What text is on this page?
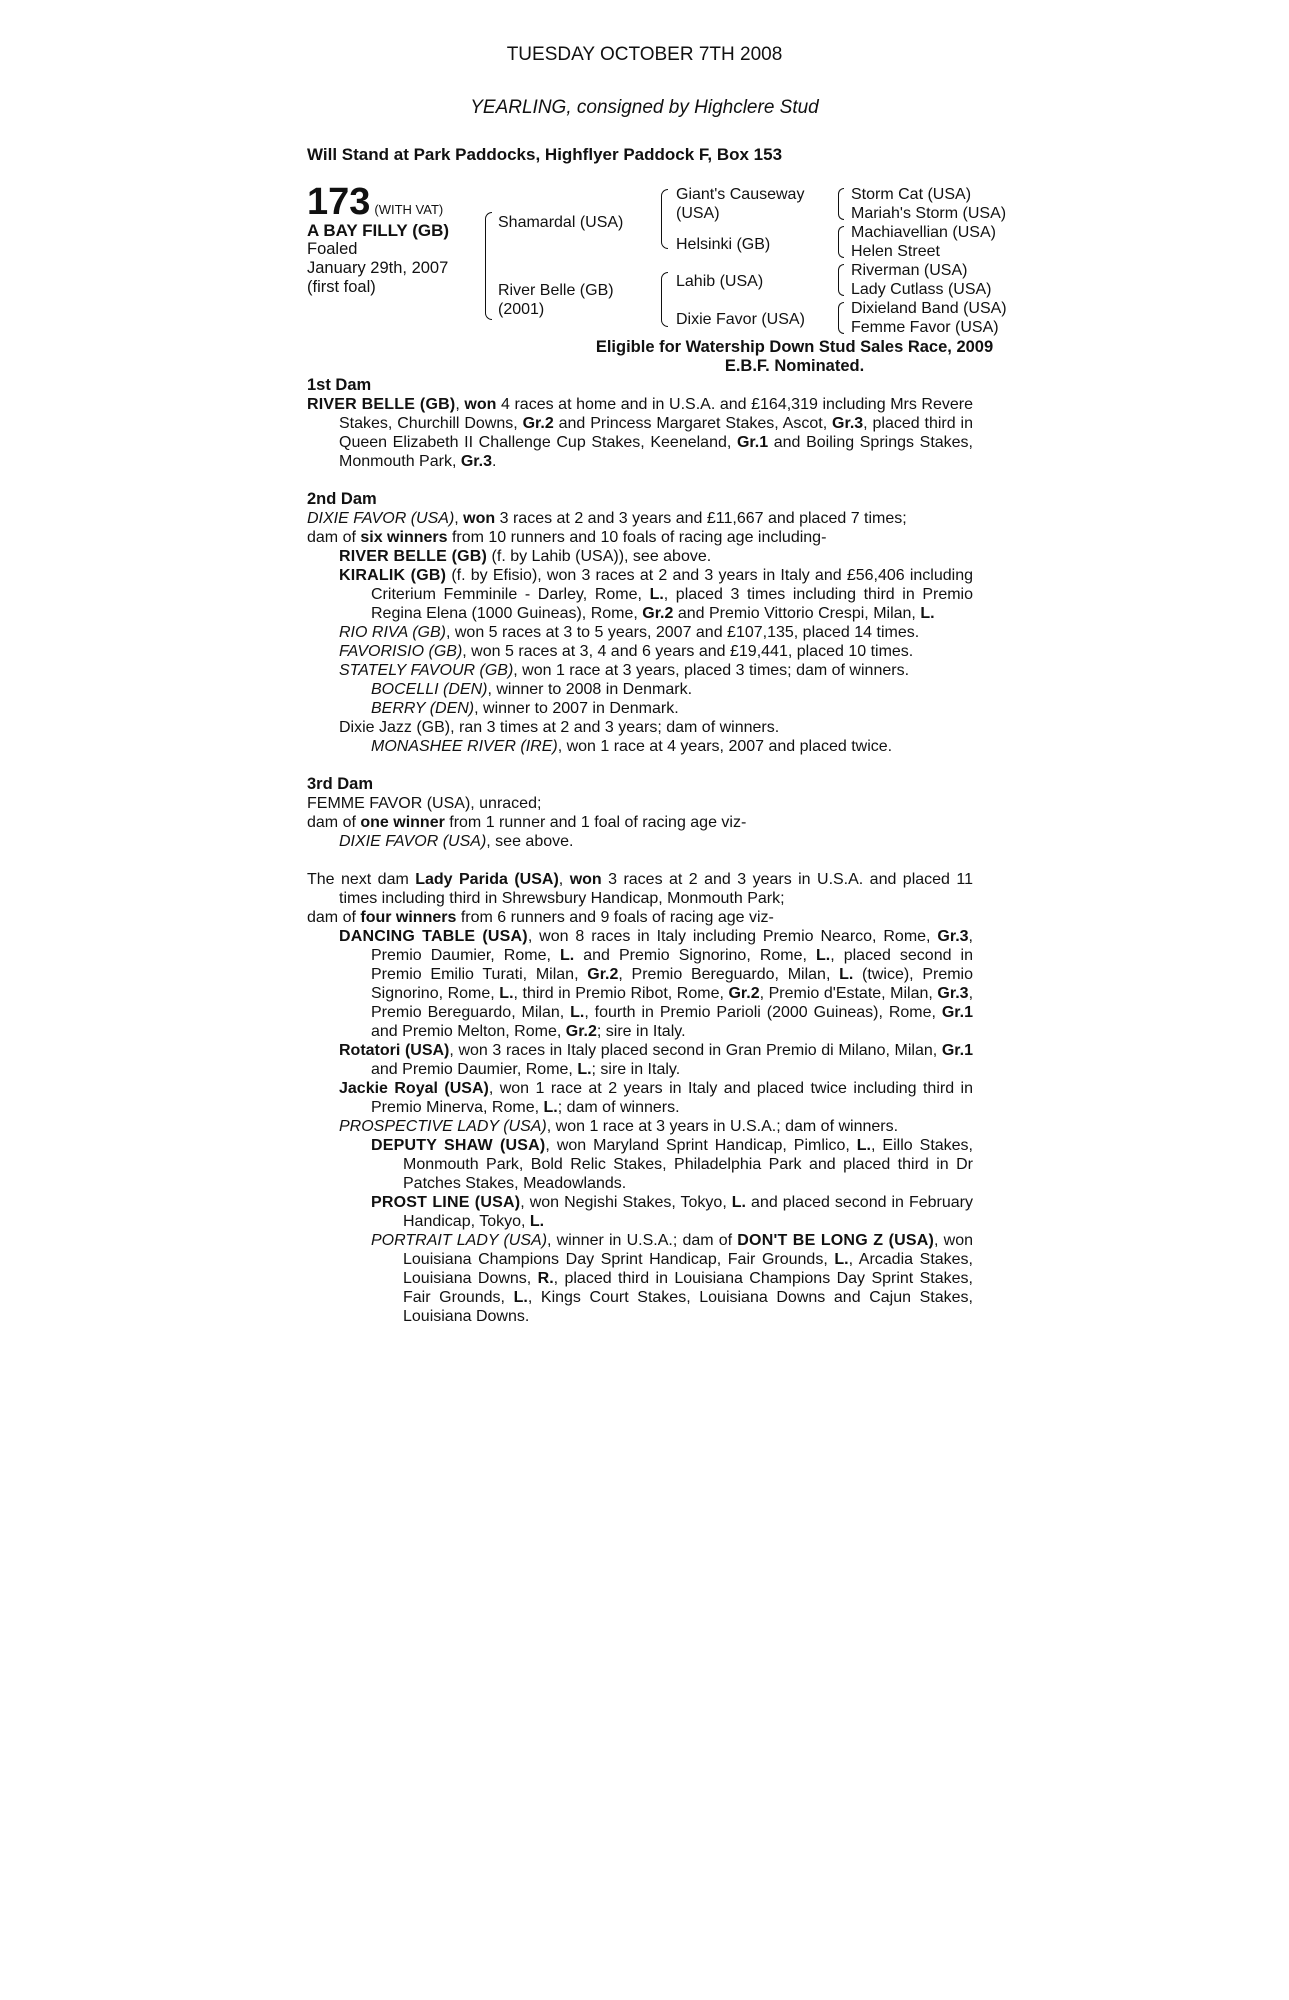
TUESDAY OCTOBER 7TH 2008
YEARLING, consigned by Highclere Stud
Will Stand at Park Paddocks, Highflyer Paddock F, Box 153
173 (WITH VAT)
A BAY FILLY (GB)
Foaled
January 29th, 2007
(first foal)
Shamardal (USA)
River Belle (GB)
(2001)
Giant's Causeway
(USA)
Helsinki (GB)
Lahib (USA)
Dixie Favor (USA)
Storm Cat (USA)
Mariah's Storm (USA)
Machiavellian (USA)
Helen Street
Riverman (USA)
Lady Cutlass (USA)
Dixieland Band (USA)
Femme Favor (USA)
Eligible for Watership Down Stud Sales Race, 2009
E.B.F. Nominated.
1st Dam
RIVER BELLE (GB), won 4 races at home and in U.S.A. and £164,319 including Mrs Revere Stakes, Churchill Downs, Gr.2 and Princess Margaret Stakes, Ascot, Gr.3, placed third in Queen Elizabeth II Challenge Cup Stakes, Keeneland, Gr.1 and Boiling Springs Stakes, Monmouth Park, Gr.3.
2nd Dam
DIXIE FAVOR (USA), won 3 races at 2 and 3 years and £11,667 and placed 7 times;
dam of six winners from 10 runners and 10 foals of racing age including-
RIVER BELLE (GB) (f. by Lahib (USA)), see above.
KIRALIK (GB) (f. by Efisio), won 3 races at 2 and 3 years in Italy and £56,406 including Criterium Femminile - Darley, Rome, L., placed 3 times including third in Premio Regina Elena (1000 Guineas), Rome, Gr.2 and Premio Vittorio Crespi, Milan, L.
RIO RIVA (GB), won 5 races at 3 to 5 years, 2007 and £107,135, placed 14 times.
FAVORISIO (GB), won 5 races at 3, 4 and 6 years and £19,441, placed 10 times.
STATELY FAVOUR (GB), won 1 race at 3 years, placed 3 times; dam of winners.
BOCELLI (DEN), winner to 2008 in Denmark.
BERRY (DEN), winner to 2007 in Denmark.
Dixie Jazz (GB), ran 3 times at 2 and 3 years; dam of winners.
MONASHEE RIVER (IRE), won 1 race at 4 years, 2007 and placed twice.
3rd Dam
FEMME FAVOR (USA), unraced;
dam of one winner from 1 runner and 1 foal of racing age viz-
DIXIE FAVOR (USA), see above.
The next dam Lady Parida (USA), won 3 races at 2 and 3 years in U.S.A. and placed 11 times including third in Shrewsbury Handicap, Monmouth Park;
dam of four winners from 6 runners and 9 foals of racing age viz-
DANCING TABLE (USA), won 8 races in Italy including Premio Nearco, Rome, Gr.3, Premio Daumier, Rome, L. and Premio Signorino, Rome, L., placed second in Premio Emilio Turati, Milan, Gr.2, Premio Bereguardo, Milan, L. (twice), Premio Signorino, Rome, L., third in Premio Ribot, Rome, Gr.2, Premio d'Estate, Milan, Gr.3, Premio Bereguardo, Milan, L., fourth in Premio Parioli (2000 Guineas), Rome, Gr.1 and Premio Melton, Rome, Gr.2; sire in Italy.
Rotatori (USA), won 3 races in Italy placed second in Gran Premio di Milano, Milan, Gr.1 and Premio Daumier, Rome, L.; sire in Italy.
Jackie Royal (USA), won 1 race at 2 years in Italy and placed twice including third in Premio Minerva, Rome, L.; dam of winners.
PROSPECTIVE LADY (USA), won 1 race at 3 years in U.S.A.; dam of winners.
DEPUTY SHAW (USA), won Maryland Sprint Handicap, Pimlico, L., Eillo Stakes, Monmouth Park, Bold Relic Stakes, Philadelphia Park and placed third in Dr Patches Stakes, Meadowlands.
PROST LINE (USA), won Negishi Stakes, Tokyo, L. and placed second in February Handicap, Tokyo, L.
PORTRAIT LADY (USA), winner in U.S.A.; dam of DON'T BE LONG Z (USA), won Louisiana Champions Day Sprint Handicap, Fair Grounds, L., Arcadia Stakes, Louisiana Downs, R., placed third in Louisiana Champions Day Sprint Stakes, Fair Grounds, L., Kings Court Stakes, Louisiana Downs and Cajun Stakes, Louisiana Downs.
